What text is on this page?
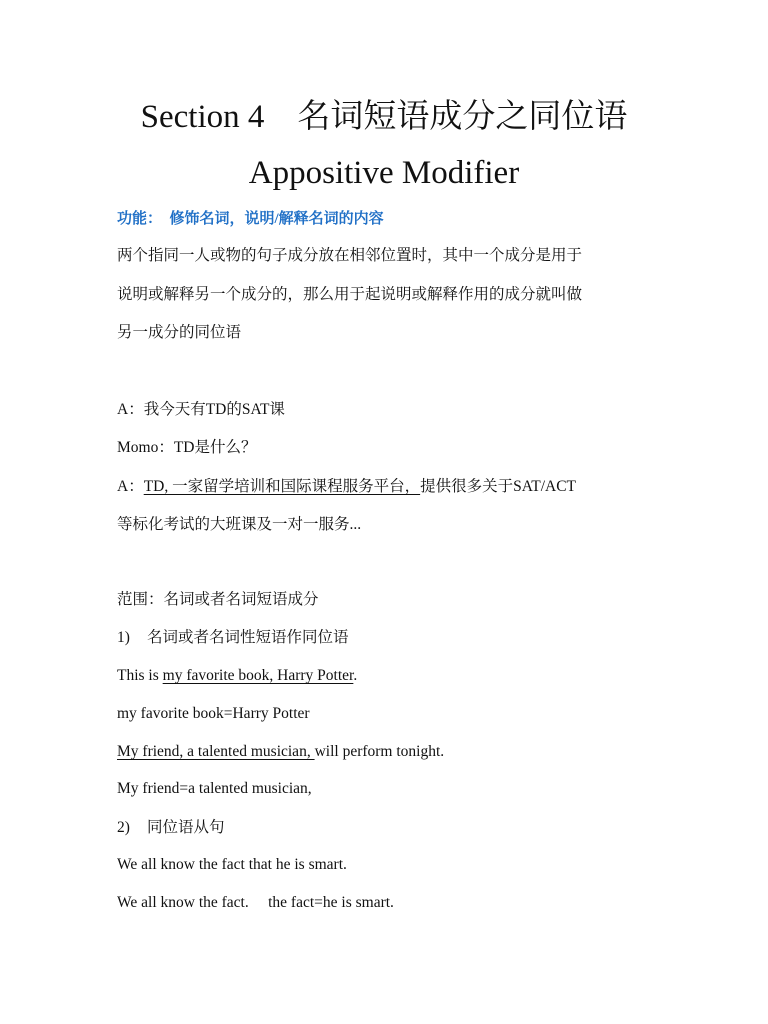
Section 4　名词短语成分之同位语
Appositive Modifier
功能：　修饰名词，说明/解释名词的内容
两个指同一人或物的句子成分放在相邻位置时，其中一个成分是用于
说明或解释另一个成分的，那么用于起说明或解释作用的成分就叫做
另一成分的同位语
A：我今天有TD的SAT课
Momo：TD是什么？
A：TD, 一家留学培训和国际课程服务平台，提供很多关于SAT/ACT
等标化考试的大班课及一对一服务...
范围：名词或者名词短语成分
1) 名词或者名词性短语作同位语
This is my favorite book, Harry Potter.
my favorite book=Harry Potter
My friend, a talented musician, will perform tonight.
My friend=a talented musician,
2) 同位语从句
We all know the fact that he is smart.
We all know the fact.　 the fact=he is smart.
